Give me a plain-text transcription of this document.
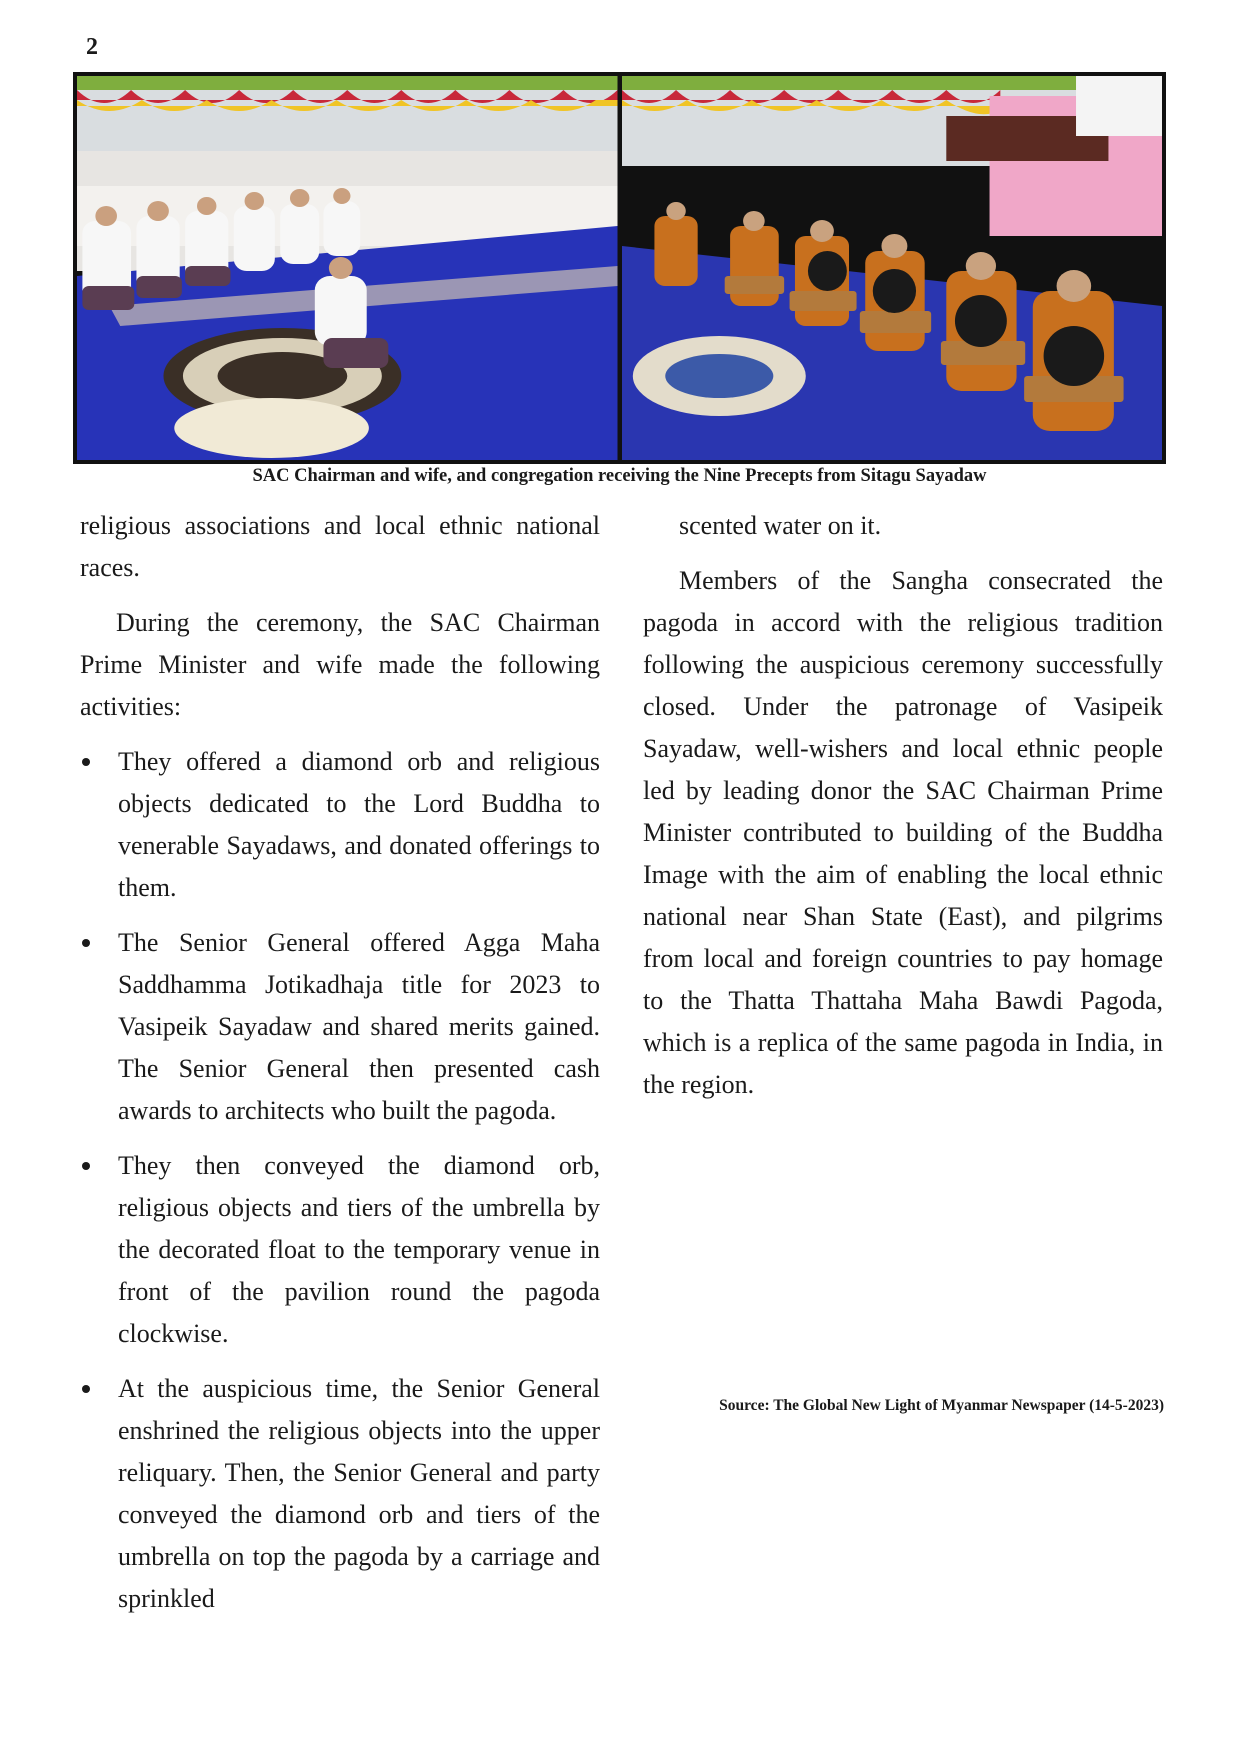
2
SAC Chairman and wife, and congregation receiving the Nine Precepts from Sitagu Sayadaw

religious associations and local ethnic national races.

During the ceremony, the SAC Chairman Prime Minister and wife made the following activities:

They offered a diamond orb and religious objects dedicated to the Lord Buddha to venerable Sayadaws, and donated offerings to them.
The Senior General offered Agga Maha Saddhamma Jotikadhaja title for 2023 to Vasipeik Sayadaw and shared merits gained. The Senior General then presented cash awards to architects who built the pagoda.
They then conveyed the diamond orb, religious objects and tiers of the umbrella by the decorated float to the temporary venue in front of the pavilion round the pagoda clockwise.
At the auspicious time, the Senior General enshrined the religious objects into the upper reliquary. Then, the Senior General and party conveyed the diamond orb and tiers of the umbrella on top the pagoda by a carriage and sprinkled

scented water on it.

Members of the Sangha consecrated the pagoda in accord with the religious tradition following the auspicious ceremony successfully closed. Under the patronage of Vasipeik Sayadaw, well-wishers and local ethnic people led by leading donor the SAC Chairman Prime Minister contributed to building of the Buddha Image with the aim of enabling the local ethnic national near Shan State (East), and pilgrims from local and foreign countries to pay homage to the Thatta Thattaha Maha Bawdi Pagoda, which is a replica of the same pagoda in India, in the region.

Source: The Global New Light of Myanmar Newspaper (14-5-2023)
